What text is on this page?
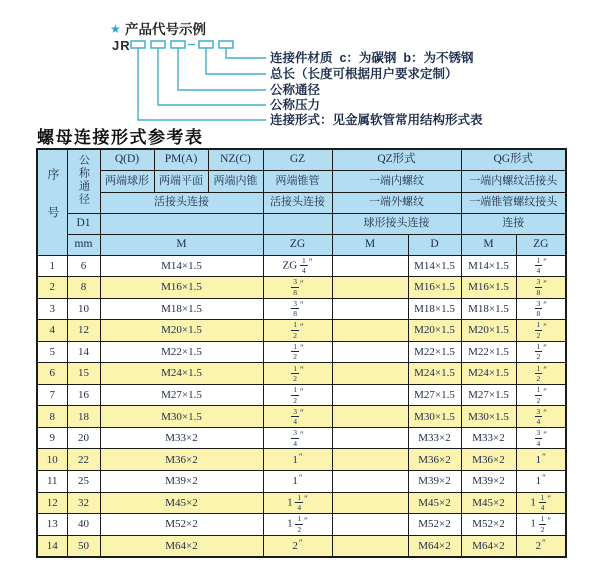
★ 产品代号示例
JR
连接件材质  c：为碳钢  b：为不锈钢
总长（长度可根据用户要求定制）
公称通径
公称压力
连接形式：见金属软管常用结构形式表
螺母连接形式参考表
序号	公称通径	Q(D)	PM(A)	NZ(C)	GZ	QZ形式		QG形式	
		两端球形	两端平面	两端内锥	两端锥管	一端内螺纹		一端内螺纹活接头	
		活接头连接			活接头连接	一端外螺纹		一端锥管螺纹接头	
	D1					球形接头连接		连接	
	mm	M			ZG	M	D	M	ZG
1	6	M14×1.5			ZG $\frac{1}{4} ''$		M14×1.5	M14×1.5	$\frac{1}{4} ''$
2	8	M16×1.5			$\frac{3}{8} ''$		M16×1.5	M16×1.5	$\frac{3}{8} ''$
3	10	M18×1.5			$\frac{3}{8} ''$		M18×1.5	M18×1.5	$\frac{3}{8} ''$
4	12	M20×1.5			$\frac{1}{2} ''$		M20×1.5	M20×1.5	$\frac{1}{2} ''$
5	14	M22×1.5			$\frac{1}{2} ''$		M22×1.5	M22×1.5	$\frac{1}{2} ''$
6	15	M24×1.5			$\frac{1}{2} ''$		M24×1.5	M24×1.5	$\frac{1}{2} ''$
7	16	M27×1.5			$\frac{1}{2} ''$		M27×1.5	M27×1.5	$\frac{1}{2} ''$
8	18	M30×1.5			$\frac{3}{4} ''$		M30×1.5	M30×1.5	$\frac{3}{4} ''$
9	20	M33×2			$\frac{3}{4} ''$		M33×2	M33×2	$\frac{3}{4} ''$
10	22	M36×2			1″		M36×2	M36×2	1″
11	25	M39×2			1″		M39×2	M39×2	1″
12	32	M45×2			$1 \frac{1}{4} ''$		M45×2	M45×2	$1 \frac{1}{4} ''$
13	40	M52×2			$1 \frac{1}{2} ''$		M52×2	M52×2	$1 \frac{1}{2} ''$
14	50	M64×2			2″		M64×2	M64×2	2″
